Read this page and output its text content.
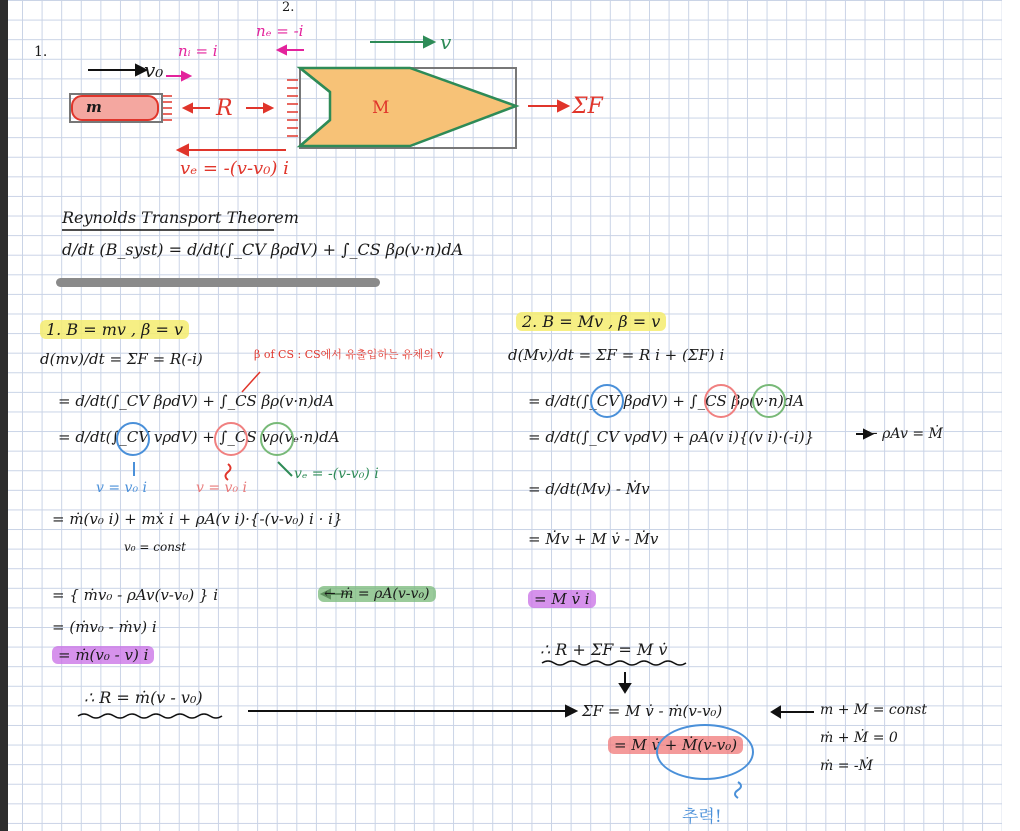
1.
2.
v₀
nᵢ = i
nₑ = -i	v
m	M
R	ΣF
vₑ = -(v-v₀) i
Reynolds Transport Theorem
d/dt (B_syst) = d/dt(∫_CV βρdV) + ∫_CS βρ(v·n)dA
1. B = mv , β = v
d(mv)/dt = ΣF = R(-i)	β of CS : CS에서 유출입하는 유체의 v
= d/dt(∫_CV βρdV) + ∫_CS βρ(v·n)dA
= d/dt(∫_CV vρdV) + ∫_CS vρ(vₑ·n)dA
v = v₀ i	v = v₀ i
vₑ = -(v-v₀) i
= ṁ(v₀ i) + mẋ i + ρA(v i)·{-(v-v₀) i · i}
v₀ = const
= { ṁv₀ - ρAv(v-v₀) } i	← ṁ = ρA(v-v₀)
= (ṁv₀ - ṁv) i
= ṁ(v₀ - v) i
∴ R = ṁ(v - v₀)
2. B = Mv , β = v
d(Mv)/dt = ΣF = R i + (ΣF) i
= d/dt(∫_CV βρdV) + ∫_CS βρ(v·n)dA
= d/dt(∫_CV vρdV) + ρA(v i){(v i)·(-i)}	← ρAv = Ṁ
= d/dt(Mv) - Ṁv
= Ṁv + M v̇ - Ṁv
= M v̇ i
∴ R + ΣF = M v̇
ΣF = M v̇ - ṁ(v-v₀)
= M v̇ + Ṁ(v-v₀)
m + M = const
ṁ + Ṁ = 0
ṁ = -Ṁ
추력!
